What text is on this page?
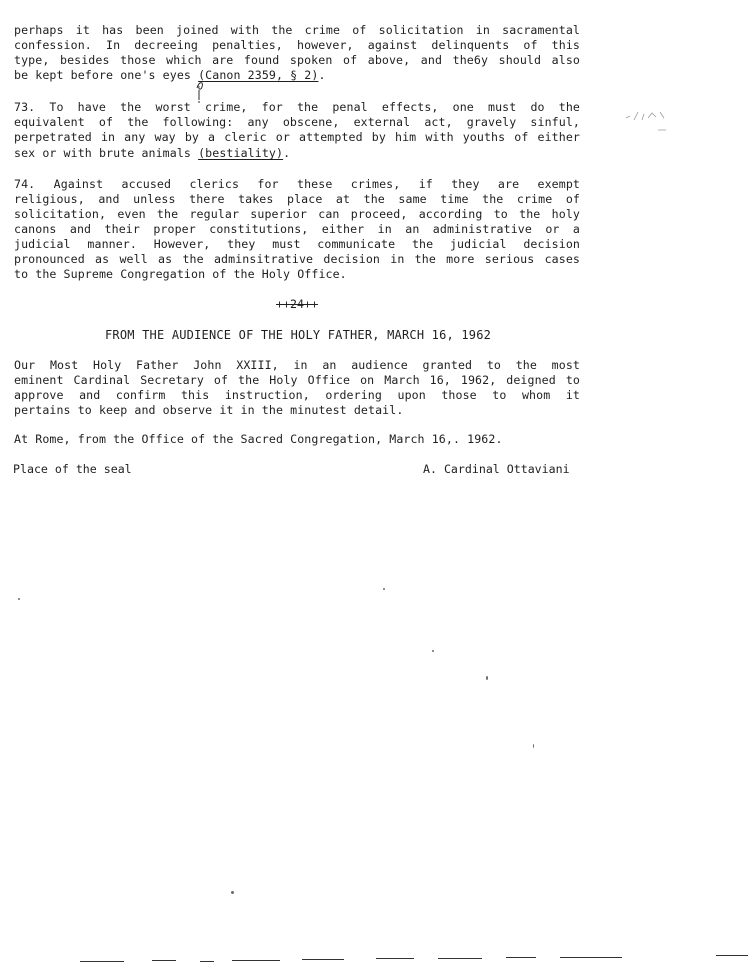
perhaps it has been joined with the crime of solicitation in sacramental
confession. In decreeing penalties, however, against delinquents of this
type, besides those which are found spoken of above, and the6y should also
be kept before one's eyes (Canon 2359, § 2).
73. To have the worst crime, for the penal effects, one must do the
equivalent of the following: any obscene, external act, gravely sinful,
perpetrated in any way by a cleric or attempted by him with youths of either
sex or with brute animals (bestiality).
74. Against accused clerics for these crimes, if they are exempt
religious, and unless there takes place at the same time the crime of
solicitation, even the regular superior can proceed, according to the holy
canons and their proper constitutions, either in an administrative or a
judicial manner. However, they must communicate the judicial decision
pronounced as well as the adminsitrative decision in the more serious cases
to the Supreme Congregation of the Holy Office.
++24++
FROM THE AUDIENCE OF THE HOLY FATHER, MARCH 16, 1962
Our Most Holy Father John XXIII, in an audience granted to the most
eminent Cardinal Secretary of the Holy Office on March 16, 1962, deigned to
approve and confirm this instruction, ordering upon those to whom it
pertains to keep and observe it in the minutest detail.
At Rome, from the Office of the Sacred Congregation, March 16,. 1962.
Place of the seal	A. Cardinal Ottaviani
